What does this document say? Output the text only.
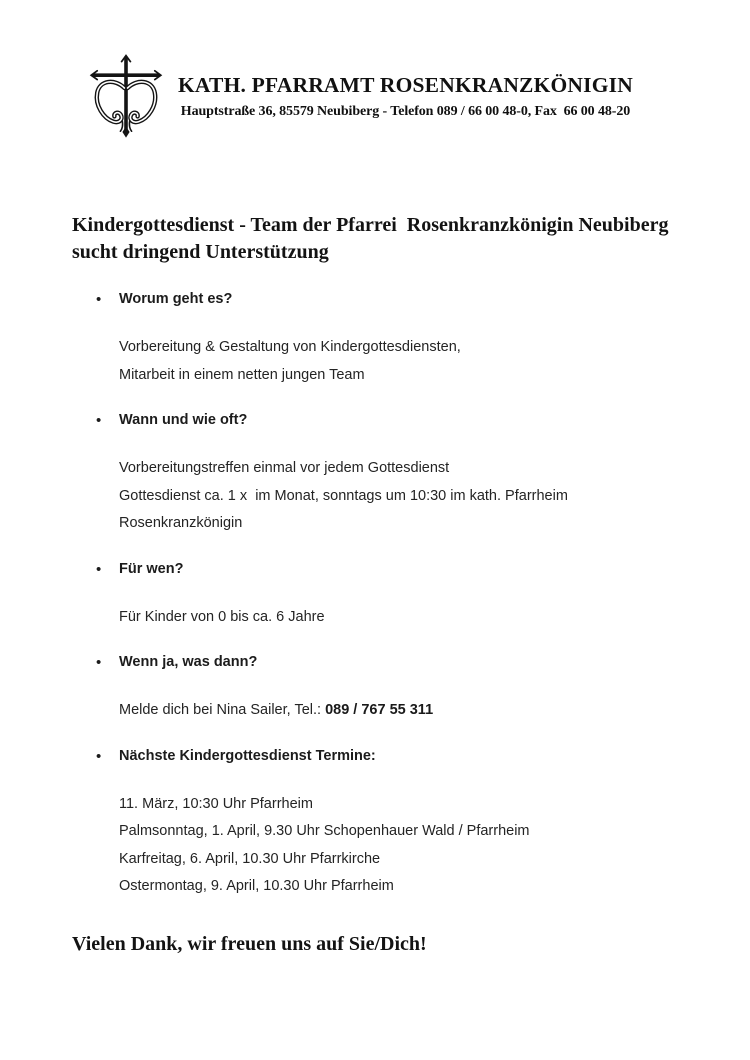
KATH. PFARRAMT ROSENKRANZKÖNIGIN
Hauptstraße 36, 85579 Neubiberg - Telefon 089 / 66 00 48-0, Fax  66 00 48-20
Kindergottesdienst - Team der Pfarrei  Rosenkranzkönigin Neubiberg
sucht dringend Unterstützung
•	Worum geht es?
Vorbereitung & Gestaltung von Kindergottesdiensten,
Mitarbeit in einem netten jungen Team
•	Wann und wie oft?
Vorbereitungstreffen einmal vor jedem Gottesdienst
Gottesdienst ca. 1 x  im Monat, sonntags um 10:30 im kath. Pfarrheim
Rosenkranzkönigin
•	Für wen?
Für Kinder von 0 bis ca. 6 Jahre
•	Wenn ja, was dann?
Melde dich bei Nina Sailer, Tel.: 089 / 767 55 311
•	Nächste Kindergottesdienst Termine:
11. März, 10:30 Uhr Pfarrheim
Palmsonntag, 1. April, 9.30 Uhr Schopenhauer Wald / Pfarrheim
Karfreitag, 6. April, 10.30 Uhr Pfarrkirche
Ostermontag, 9. April, 10.30 Uhr Pfarrheim
Vielen Dank, wir freuen uns auf Sie/Dich!
